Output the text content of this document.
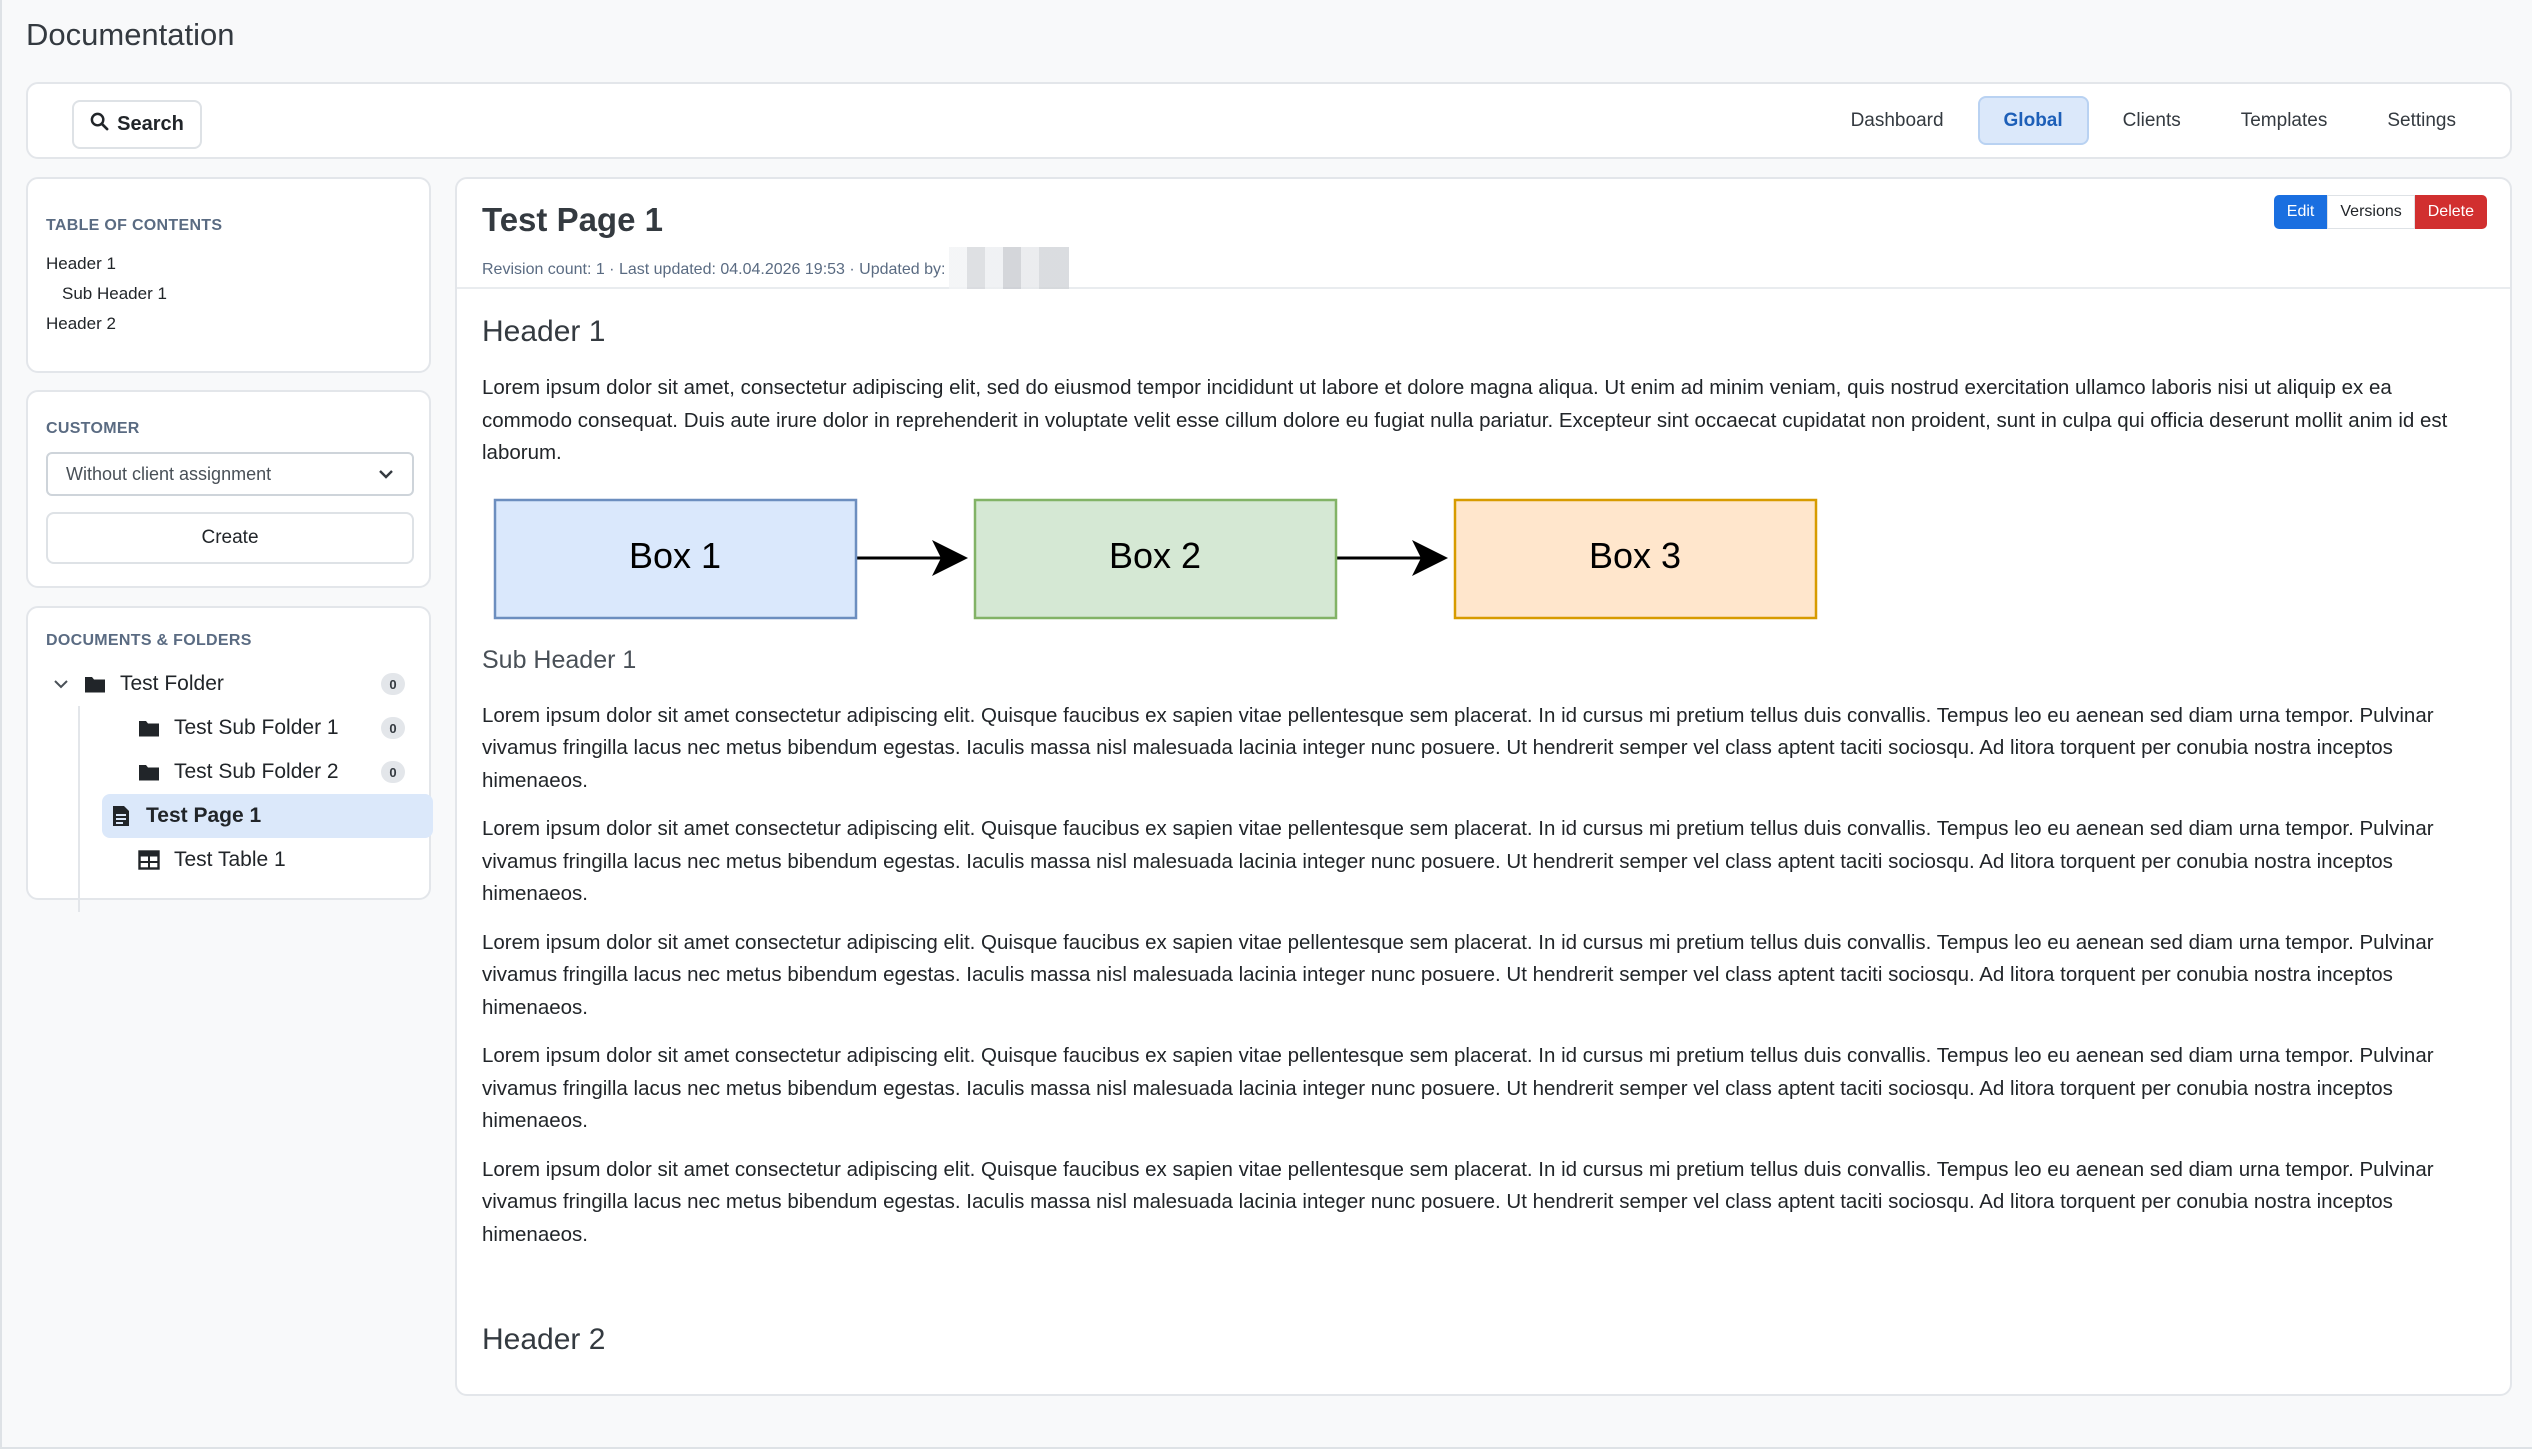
Documentation
Search	Dashboard	Global	Clients	Templates	Settings
TABLE OF CONTENTS
Header 1
Sub Header 1
Header 2
CUSTOMER
Without client assignment
Create
DOCUMENTS & FOLDERS
Test Folder	0
Test Sub Folder 1	0
Test Sub Folder 2	0
Test Page 1
Test Table 1
Test Page 1
Revision count: 1 · Last updated: 04.04.2026 19:53 · Updated by:
Edit	Versions	Delete
Header 1

Lorem ipsum dolor sit amet, consectetur adipiscing elit, sed do eiusmod tempor incididunt ut labore et dolore magna aliqua. Ut enim ad minim veniam, quis nostrud exercitation ullamco laboris nisi ut aliquip ex ea commodo consequat. Duis aute irure dolor in reprehenderit in voluptate velit esse cillum dolore eu fugiat nulla pariatur. Excepteur sint occaecat cupidatat non proident, sunt in culpa qui officia deserunt mollit anim id est laborum.

Box 1	Box 2	Box 3
Sub Header 1

Lorem ipsum dolor sit amet consectetur adipiscing elit. Quisque faucibus ex sapien vitae pellentesque sem placerat. In id cursus mi pretium tellus duis convallis. Tempus leo eu aenean sed diam urna tempor. Pulvinar vivamus fringilla lacus nec metus bibendum egestas. Iaculis massa nisl malesuada lacinia integer nunc posuere. Ut hendrerit semper vel class aptent taciti sociosqu. Ad litora torquent per conubia nostra inceptos himenaeos.

Lorem ipsum dolor sit amet consectetur adipiscing elit. Quisque faucibus ex sapien vitae pellentesque sem placerat. In id cursus mi pretium tellus duis convallis. Tempus leo eu aenean sed diam urna tempor. Pulvinar vivamus fringilla lacus nec metus bibendum egestas. Iaculis massa nisl malesuada lacinia integer nunc posuere. Ut hendrerit semper vel class aptent taciti sociosqu. Ad litora torquent per conubia nostra inceptos himenaeos.

Lorem ipsum dolor sit amet consectetur adipiscing elit. Quisque faucibus ex sapien vitae pellentesque sem placerat. In id cursus mi pretium tellus duis convallis. Tempus leo eu aenean sed diam urna tempor. Pulvinar vivamus fringilla lacus nec metus bibendum egestas. Iaculis massa nisl malesuada lacinia integer nunc posuere. Ut hendrerit semper vel class aptent taciti sociosqu. Ad litora torquent per conubia nostra inceptos himenaeos.

Lorem ipsum dolor sit amet consectetur adipiscing elit. Quisque faucibus ex sapien vitae pellentesque sem placerat. In id cursus mi pretium tellus duis convallis. Tempus leo eu aenean sed diam urna tempor. Pulvinar vivamus fringilla lacus nec metus bibendum egestas. Iaculis massa nisl malesuada lacinia integer nunc posuere. Ut hendrerit semper vel class aptent taciti sociosqu. Ad litora torquent per conubia nostra inceptos himenaeos.

Lorem ipsum dolor sit amet consectetur adipiscing elit. Quisque faucibus ex sapien vitae pellentesque sem placerat. In id cursus mi pretium tellus duis convallis. Tempus leo eu aenean sed diam urna tempor. Pulvinar vivamus fringilla lacus nec metus bibendum egestas. Iaculis massa nisl malesuada lacinia integer nunc posuere. Ut hendrerit semper vel class aptent taciti sociosqu. Ad litora torquent per conubia nostra inceptos himenaeos.

Header 2
